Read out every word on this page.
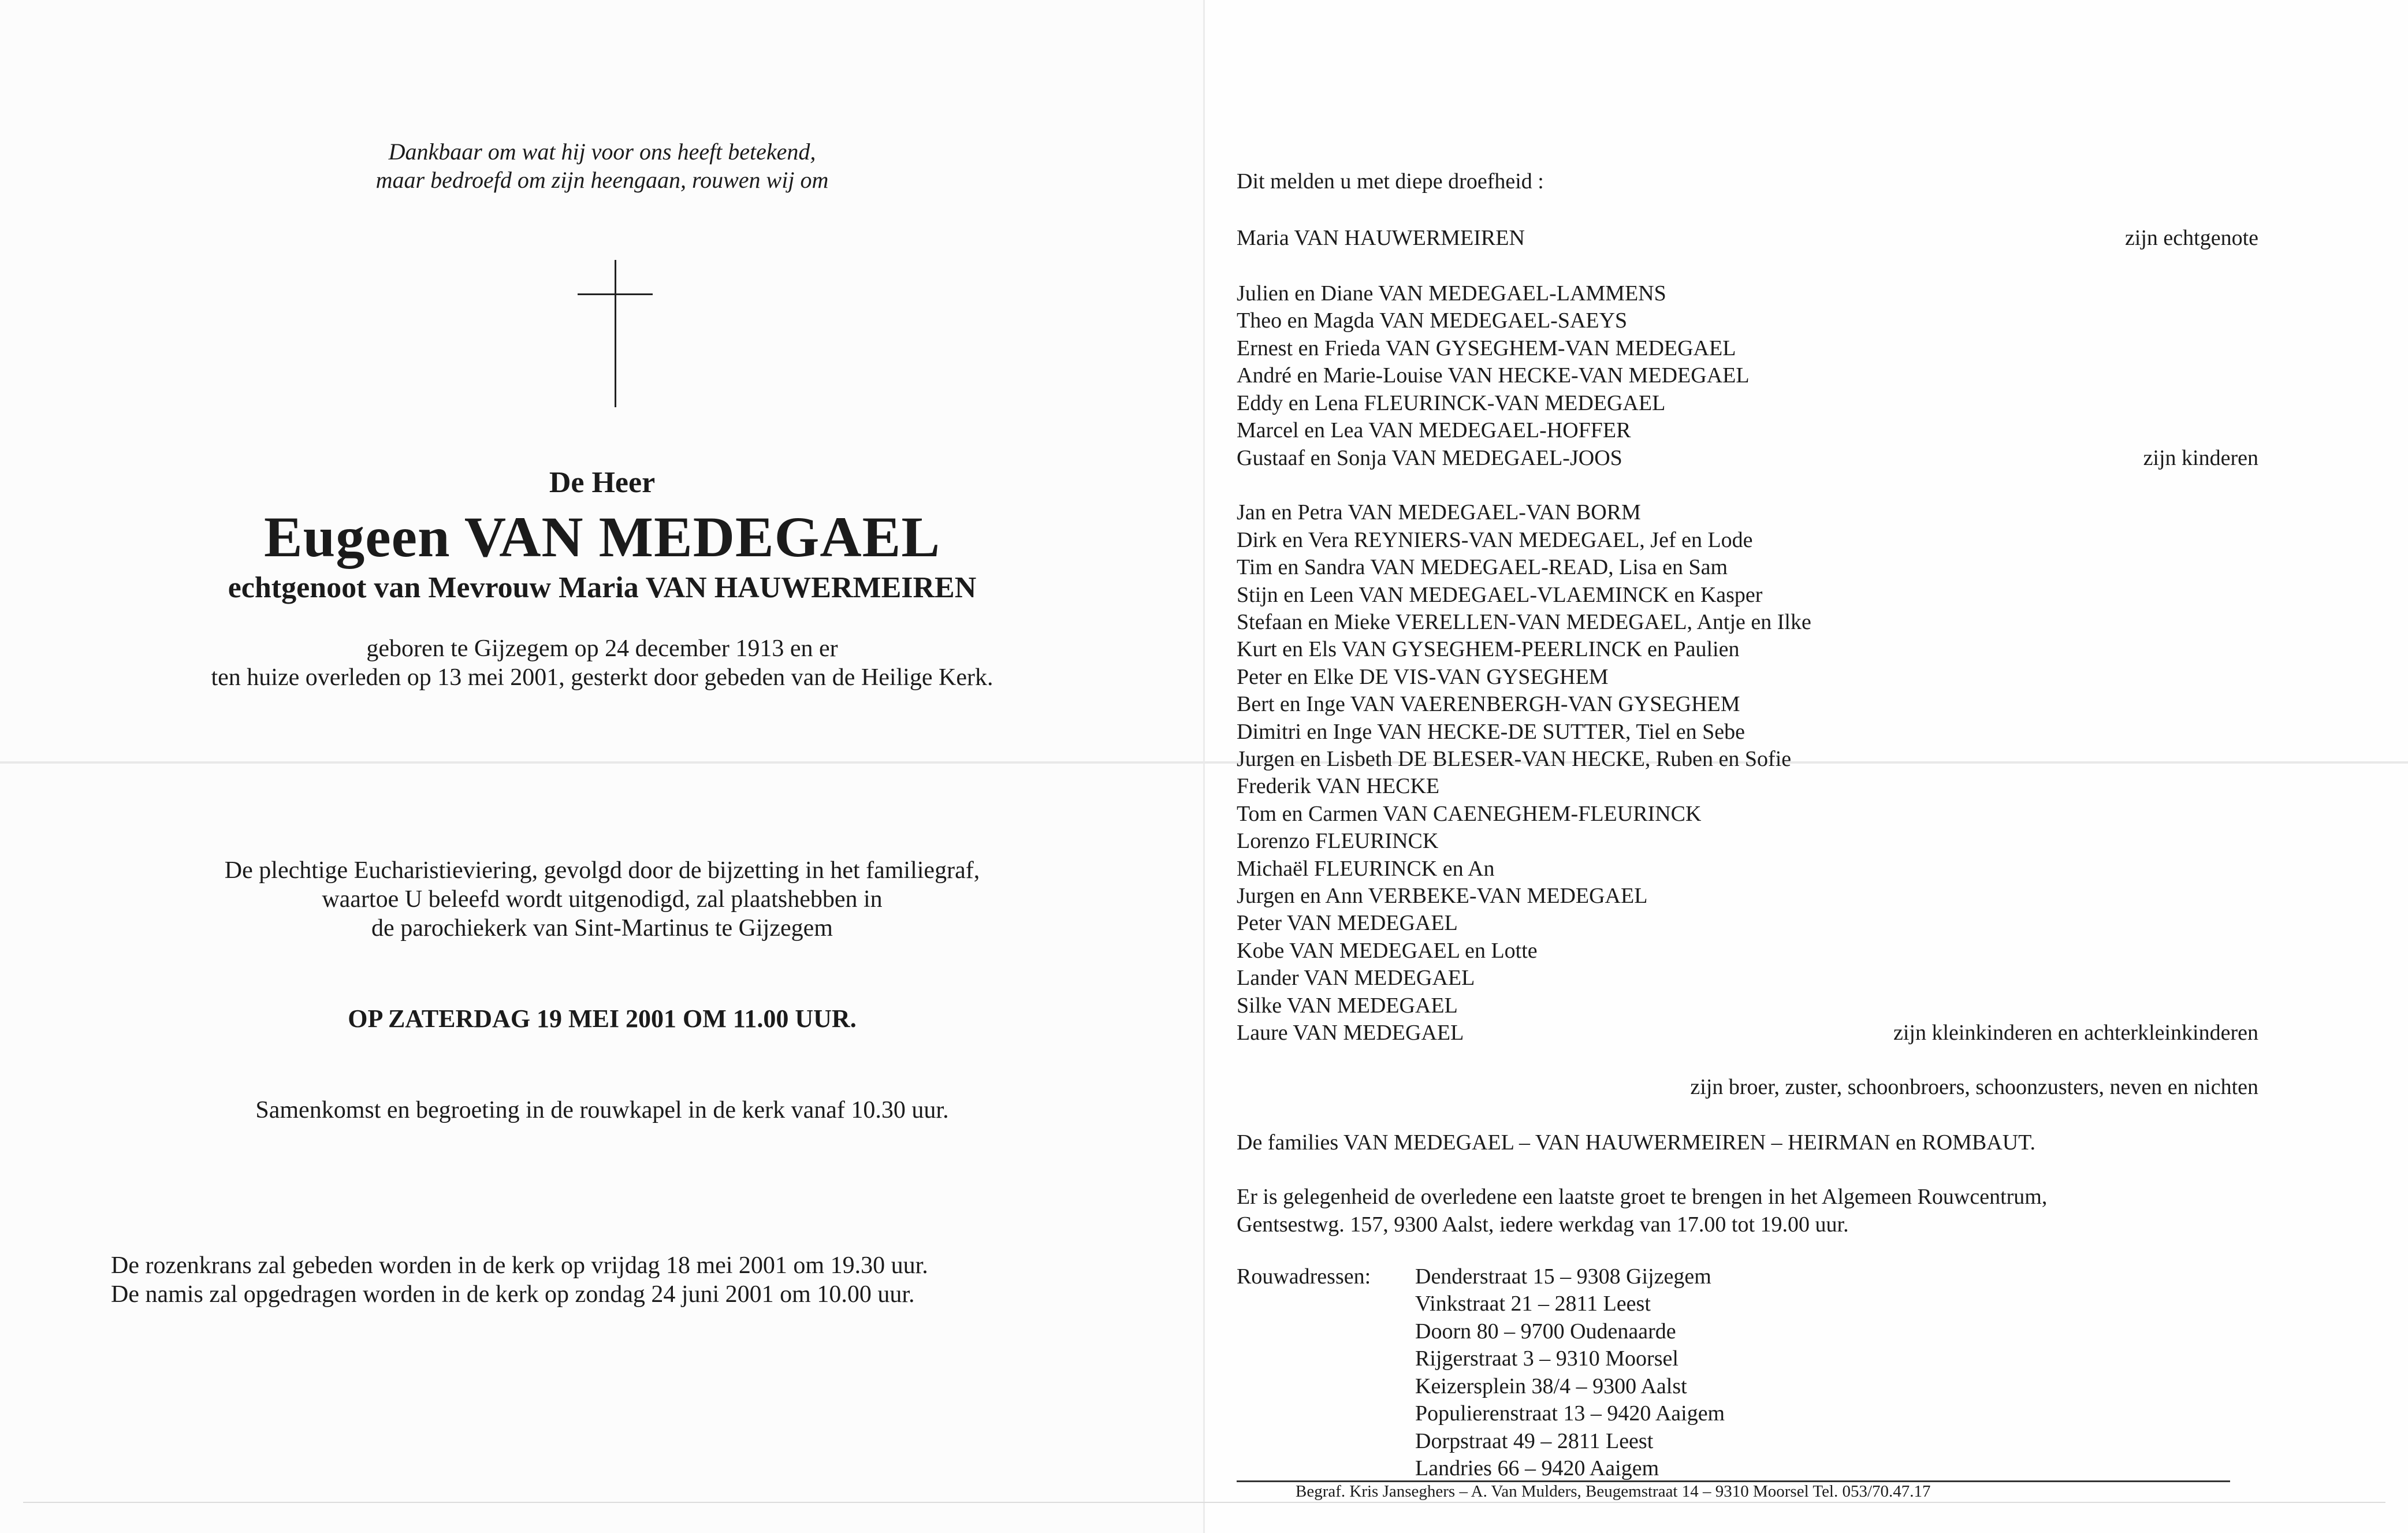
Dankbaar om wat hij voor ons heeft betekend,
maar bedroefd om zijn heengaan, rouwen wij om
De Heer
Eugeen VAN MEDEGAEL
echtgenoot van Mevrouw Maria VAN HAUWERMEIREN
geboren te Gijzegem op 24 december 1913 en er
ten huize overleden op 13 mei 2001, gesterkt door gebeden van de Heilige Kerk.
De plechtige Eucharistieviering, gevolgd door de bijzetting in het familiegraf,
waartoe U beleefd wordt uitgenodigd, zal plaatshebben in
de parochiekerk van Sint-Martinus te Gijzegem
OP ZATERDAG 19 MEI 2001 OM 11.00 UUR.
Samenkomst en begroeting in de rouwkapel in de kerk vanaf 10.30 uur.
De rozenkrans zal gebeden worden in de kerk op vrijdag 18 mei 2001 om 19.30 uur.
De namis zal opgedragen worden in de kerk op zondag 24 juni 2001 om 10.00 uur.
Dit melden u met diepe droefheid :
Maria VAN HAUWERMEIREN	zijn echtgenote
Julien en Diane VAN MEDEGAEL-LAMMENS
Theo en Magda VAN MEDEGAEL-SAEYS
Ernest en Frieda VAN GYSEGHEM-VAN MEDEGAEL
André en Marie-Louise VAN HECKE-VAN MEDEGAEL
Eddy en Lena FLEURINCK-VAN MEDEGAEL
Marcel en Lea VAN MEDEGAEL-HOFFER
Gustaaf en Sonja VAN MEDEGAEL-JOOS	zijn kinderen
Jan en Petra VAN MEDEGAEL-VAN BORM
Dirk en Vera REYNIERS-VAN MEDEGAEL, Jef en Lode
Tim en Sandra VAN MEDEGAEL-READ, Lisa en Sam
Stijn en Leen VAN MEDEGAEL-VLAEMINCK en Kasper
Stefaan en Mieke VERELLEN-VAN MEDEGAEL, Antje en Ilke
Kurt en Els VAN GYSEGHEM-PEERLINCK en Paulien
Peter en Elke DE VIS-VAN GYSEGHEM
Bert en Inge VAN VAERENBERGH-VAN GYSEGHEM
Dimitri en Inge VAN HECKE-DE SUTTER, Tiel en Sebe
Jurgen en Lisbeth DE BLESER-VAN HECKE, Ruben en Sofie
Frederik VAN HECKE
Tom en Carmen VAN CAENEGHEM-FLEURINCK
Lorenzo FLEURINCK
Michaël FLEURINCK en An
Jurgen en Ann VERBEKE-VAN MEDEGAEL
Peter VAN MEDEGAEL
Kobe VAN MEDEGAEL en Lotte
Lander VAN MEDEGAEL
Silke VAN MEDEGAEL
Laure VAN MEDEGAEL	zijn kleinkinderen en achterkleinkinderen
zijn broer, zuster, schoonbroers, schoonzusters, neven en nichten
De families VAN MEDEGAEL – VAN HAUWERMEIREN – HEIRMAN en ROMBAUT.
Er is gelegenheid de overledene een laatste groet te brengen in het Algemeen Rouwcentrum,
Gentsestwg. 157, 9300 Aalst, iedere werkdag van 17.00 tot 19.00 uur.
Rouwadressen: Denderstraat 15 – 9308 Gijzegem
Vinkstraat 21 – 2811 Leest
Doorn 80 – 9700 Oudenaarde
Rijgerstraat 3 – 9310 Moorsel
Keizersplein 38/4 – 9300 Aalst
Populierenstraat 13 – 9420 Aaigem
Dorpstraat 49 – 2811 Leest
Landries 66 – 9420 Aaigem
Begraf. Kris Janseghers – A. Van Mulders, Beugemstraat 14 – 9310 Moorsel Tel. 053/70.47.17
